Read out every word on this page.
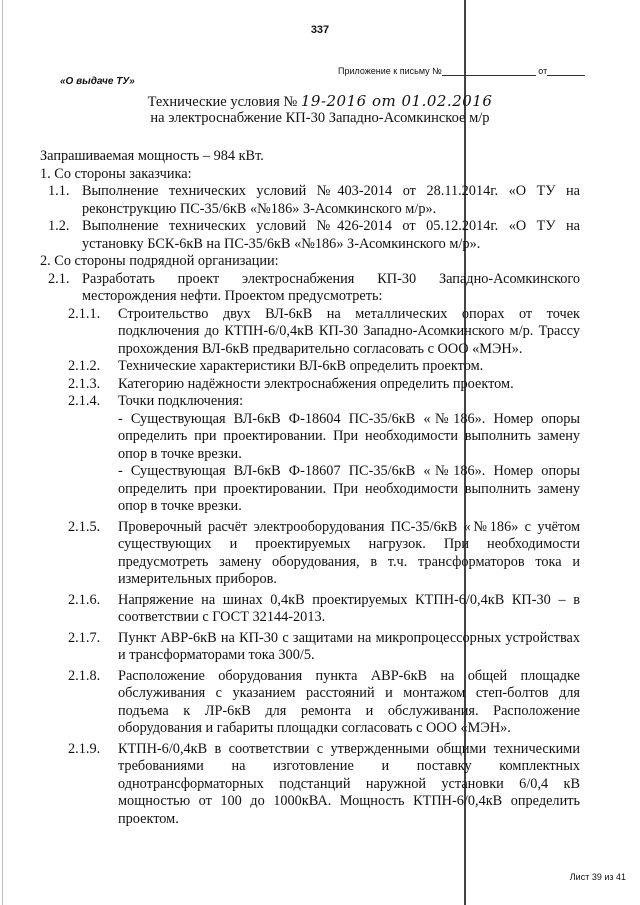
337
Приложение к письму №	от
«О выдаче ТУ»
Технические условия № 19-2016 от 01.02.2016
на электроснабжение КП-30 Западно-Асомкинское м/р
Запрашиваемая мощность – 984 кВт.
1. Со стороны заказчика:
1.1. Выполнение технических условий №403-2014 от 28.11.2014г. «О ТУ на реконструкцию ПС-35/6кВ «№186» З-Асомкинского м/р».
1.2. Выполнение технических условий №426-2014 от 05.12.2014г. «О ТУ на установку БСК-6кВ на ПС-35/6кВ «№186» З-Асомкинского м/р».
2. Со стороны подрядной организации:
2.1. Разработать проект электроснабжения КП-30 Западно-Асомкинского месторождения нефти. Проектом предусмотреть:
2.1.1.	Строительство двух ВЛ-6кВ на металлических опорах от точек подключения до КТПН-6/0,4кВ КП-30 Западно-Асомкинского м/р. Трассу прохождения ВЛ-6кВ предварительно согласовать с ООО «МЭН».
2.1.2.	Технические характеристики ВЛ-6кВ определить проектом.
2.1.3.	Категорию надёжности электроснабжения определить проектом.
2.1.4.	Точки подключения:
- Существующая ВЛ-6кВ Ф-18604 ПС-35/6кВ «№186». Номер опоры определить при проектировании. При необходимости выполнить замену опор в точке врезки.
- Существующая ВЛ-6кВ Ф-18607 ПС-35/6кВ «№186». Номер опоры определить при проектировании. При необходимости выполнить замену опор в точке врезки.
2.1.5.	Проверочный расчёт электрооборудования ПС-35/6кВ «№186» с учётом существующих и проектируемых нагрузок. При необходимости предусмотреть замену оборудования, в т.ч. трансформаторов тока и измерительных приборов.
2.1.6.	Напряжение на шинах 0,4кВ проектируемых КТПН-6/0,4кВ КП-30 – в соответствии с ГОСТ 32144-2013.
2.1.7.	Пункт АВР-6кВ на КП-30 с защитами на микропроцессорных устройствах и трансформаторами тока 300/5.
2.1.8.	Расположение оборудования пункта АВР-6кВ на общей площадке обслуживания с указанием расстояний и монтажом степ-болтов для подъема к ЛР-6кВ для ремонта и обслуживания. Расположение оборудования и габариты площадки согласовать с ООО «МЭН».
2.1.9.	КТПН-6/0,4кВ в соответствии с утвержденными общими техническими требованиями на изготовление и поставку комплектных однотрансформаторных подстанций наружной установки 6/0,4 кВ мощностью от 100 до 1000кВА. Мощность КТПН-6/0,4кВ определить проектом.
Лист 39 из 41
